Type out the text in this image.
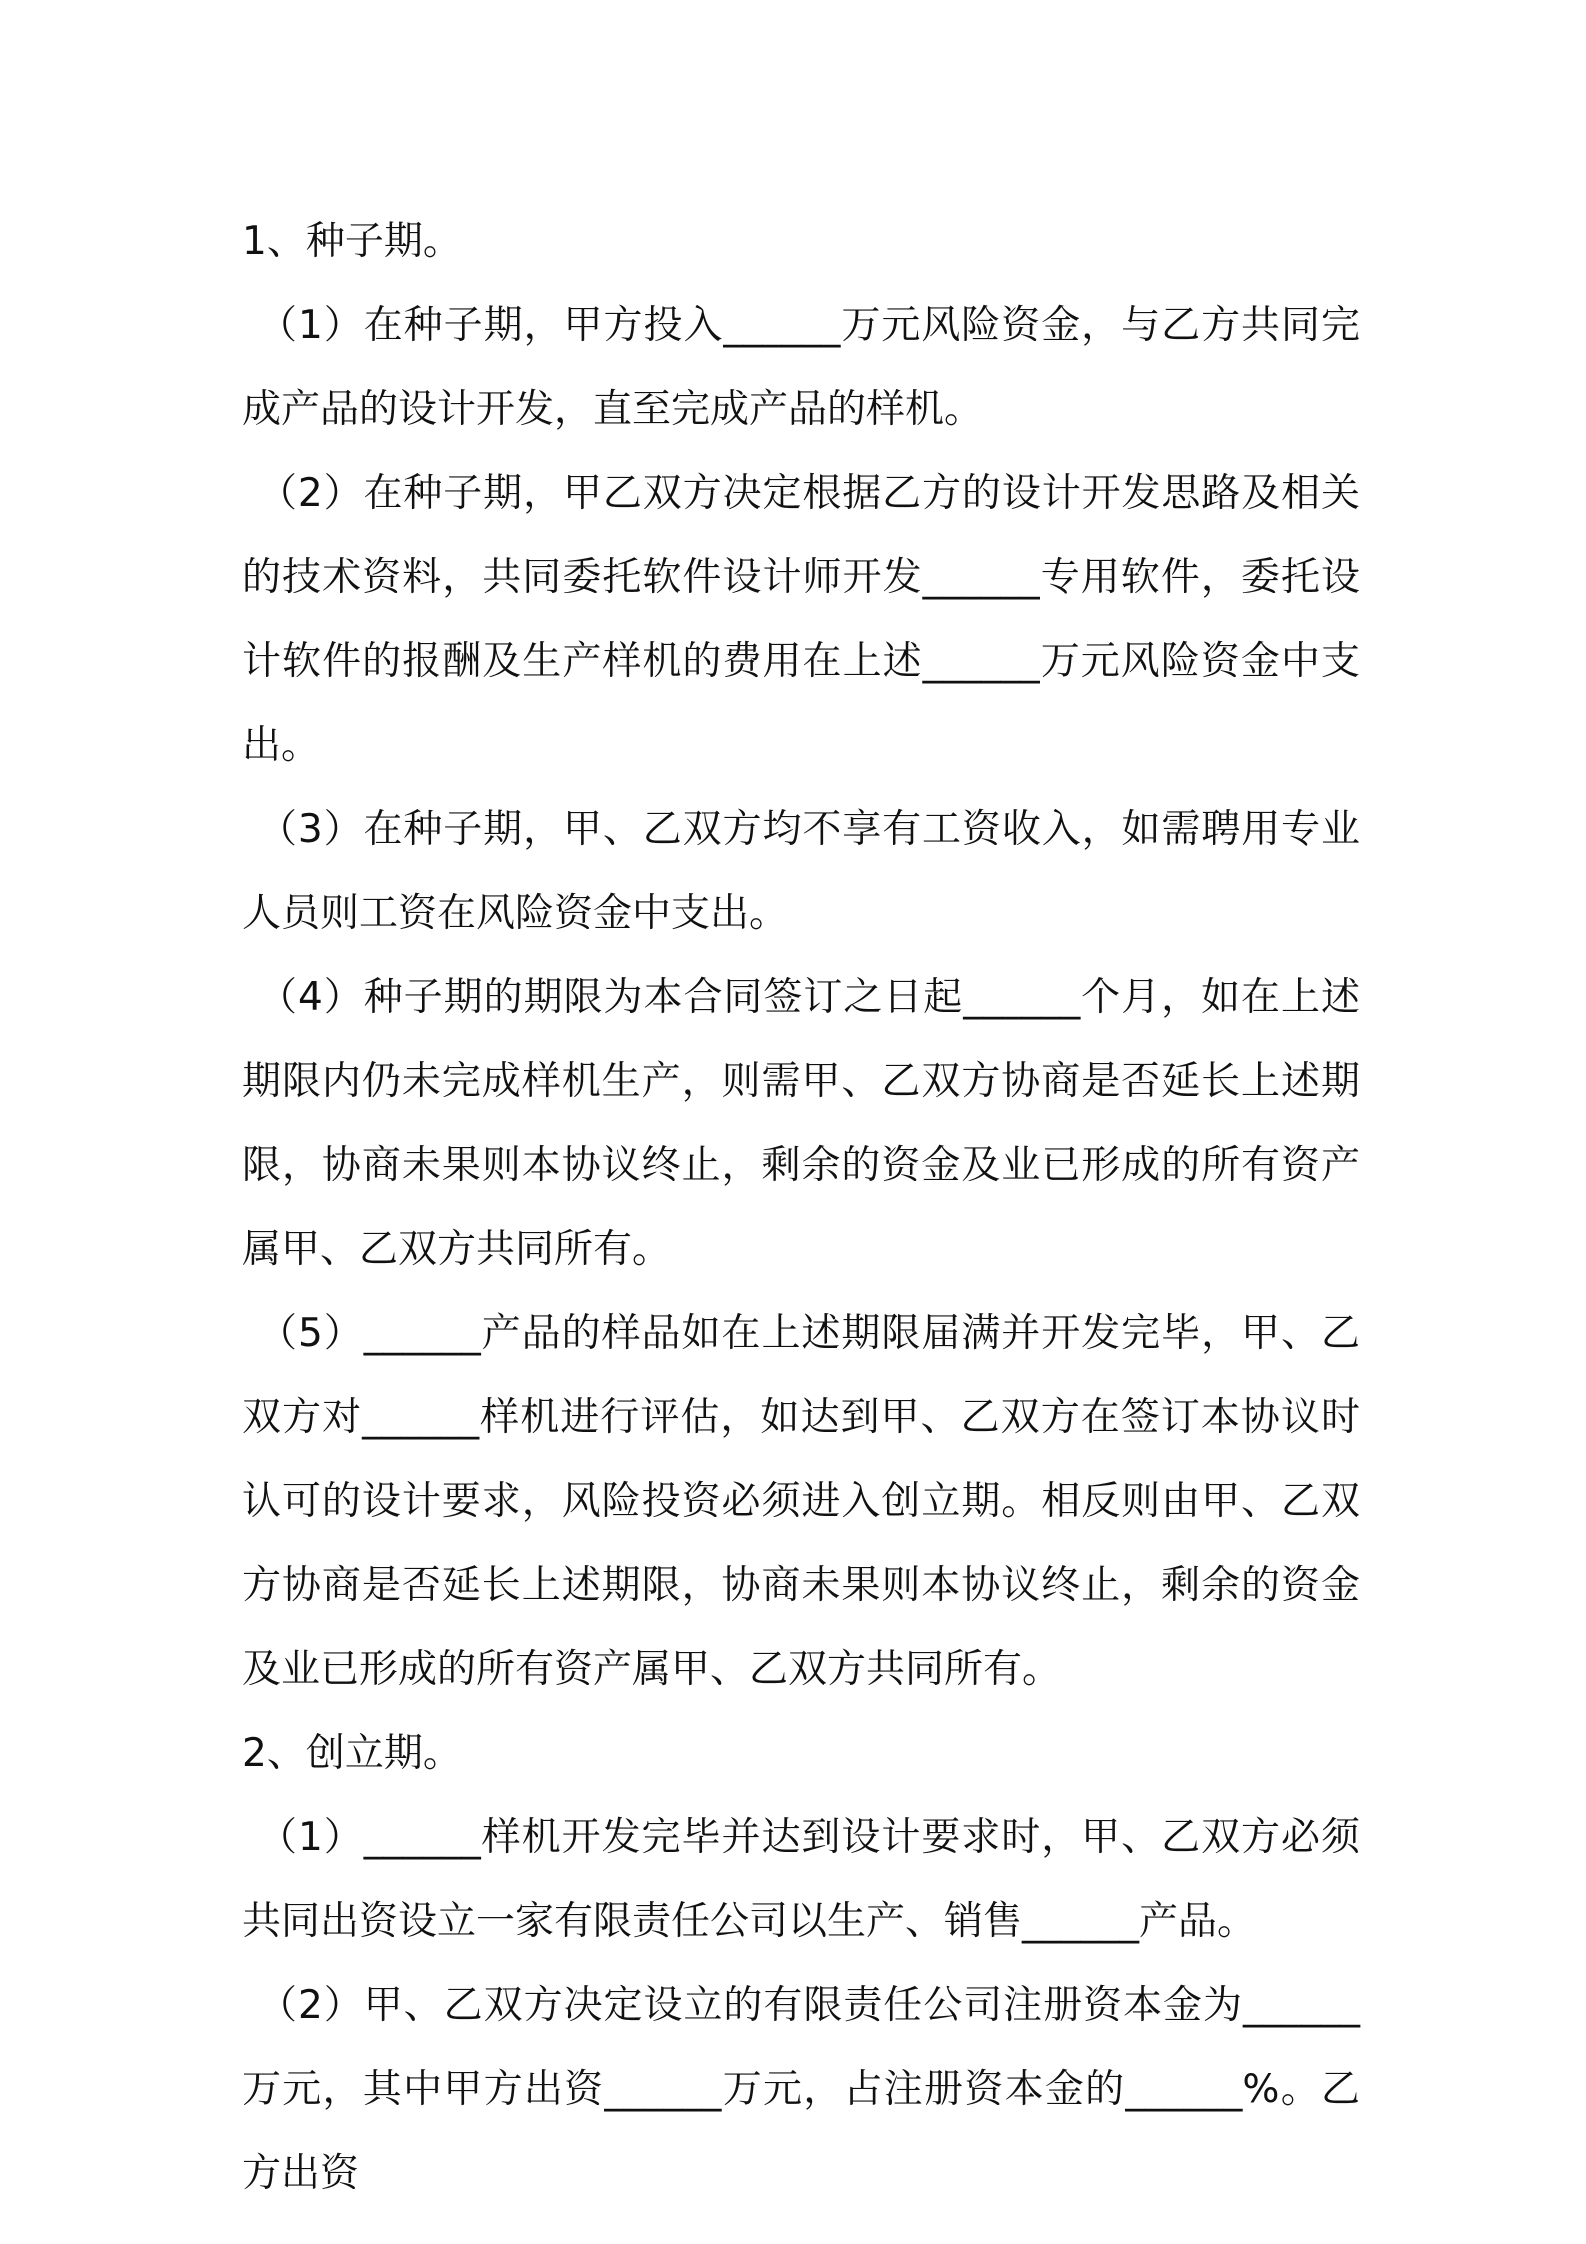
1、种子期。

（1）在种子期，甲方投入______万元风险资金，与乙方共同完成产品的设计开发，直至完成产品的样机。

（2）在种子期，甲乙双方决定根据乙方的设计开发思路及相关的技术资料，共同委托软件设计师开发______专用软件，委托设计软件的报酬及生产样机的费用在上述______万元风险资金中支出。

（3）在种子期，甲、乙双方均不享有工资收入，如需聘用专业人员则工资在风险资金中支出。

（4）种子期的期限为本合同签订之日起______个月，如在上述期限内仍未完成样机生产，则需甲、乙双方协商是否延长上述期限，协商未果则本协议终止，剩余的资金及业已形成的所有资产属甲、乙双方共同所有。

（5）______产品的样品如在上述期限届满并开发完毕，甲、乙双方对______样机进行评估，如达到甲、乙双方在签订本协议时认可的设计要求，风险投资必须进入创立期。相反则由甲、乙双方协商是否延长上述期限，协商未果则本协议终止，剩余的资金及业已形成的所有资产属甲、乙双方共同所有。

2、创立期。

（1）______样机开发完毕并达到设计要求时，甲、乙双方必须共同出资设立一家有限责任公司以生产、销售______产品。

（2）甲、乙双方决定设立的有限责任公司注册资本金为______万元，其中甲方出资______万元，占注册资本金的______%。乙方出资
